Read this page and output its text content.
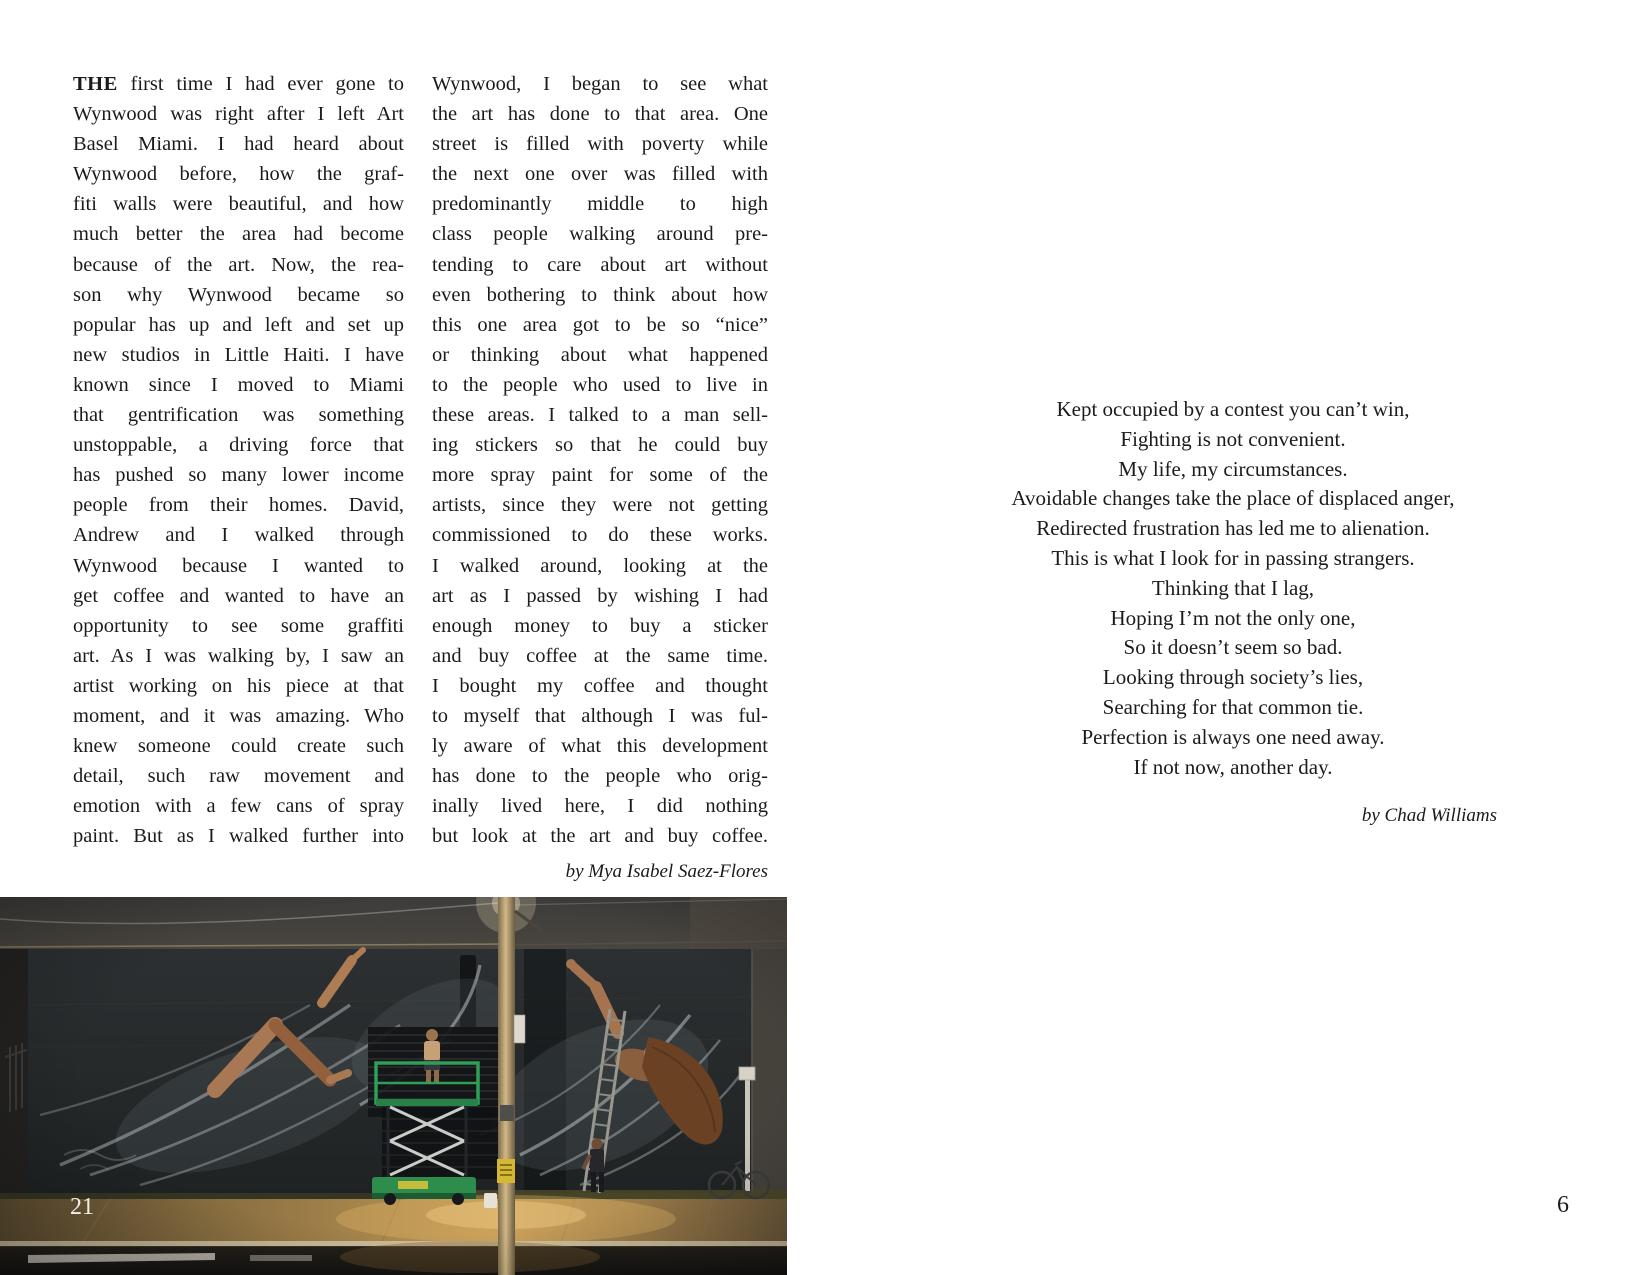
THE first time I had ever gone to
Wynwood was right after I left Art
Basel Miami. I had heard about
Wynwood before, how the graf-
fiti walls were beautiful, and how
much better the area had become
because of the art. Now, the rea-
son why Wynwood became so
popular has up and left and set up
new studios in Little Haiti. I have
known since I moved to Miami
that gentrification was something
unstoppable, a driving force that
has pushed so many lower income
people from their homes. David,
Andrew and I walked through
Wynwood because I wanted to
get coffee and wanted to have an
opportunity to see some graffiti
art. As I was walking by, I saw an
artist working on his piece at that
moment, and it was amazing. Who
knew someone could create such
detail, such raw movement and
emotion with a few cans of spray
paint. But as I walked further into
Wynwood, I began to see what
the art has done to that area. One
street is filled with poverty while
the next one over was filled with
predominantly middle to high
class people walking around pre-
tending to care about art without
even bothering to think about how
this one area got to be so “nice”
or thinking about what happened
to the people who used to live in
these areas. I talked to a man sell-
ing stickers so that he could buy
more spray paint for some of the
artists, since they were not getting
commissioned to do these works.
I walked around, looking at the
art as I passed by wishing I had
enough money to buy a sticker
and buy coffee at the same time.
I bought my coffee and thought
to myself that although I was ful-
ly aware of what this development
has done to the people who orig-
inally lived here, I did nothing
but look at the art and buy coffee.
by Mya Isabel Saez-Flores
21
Kept occupied by a contest you can’t win,
Fighting is not convenient.
My life, my circumstances.
Avoidable changes take the place of displaced anger,
Redirected frustration has led me to alienation.
This is what I look for in passing strangers.
Thinking that I lag,
Hoping I’m not the only one,
So it doesn’t seem so bad.
Looking through society’s lies,
Searching for that common tie.
Perfection is always one need away.
If not now, another day.
by Chad Williams
6
